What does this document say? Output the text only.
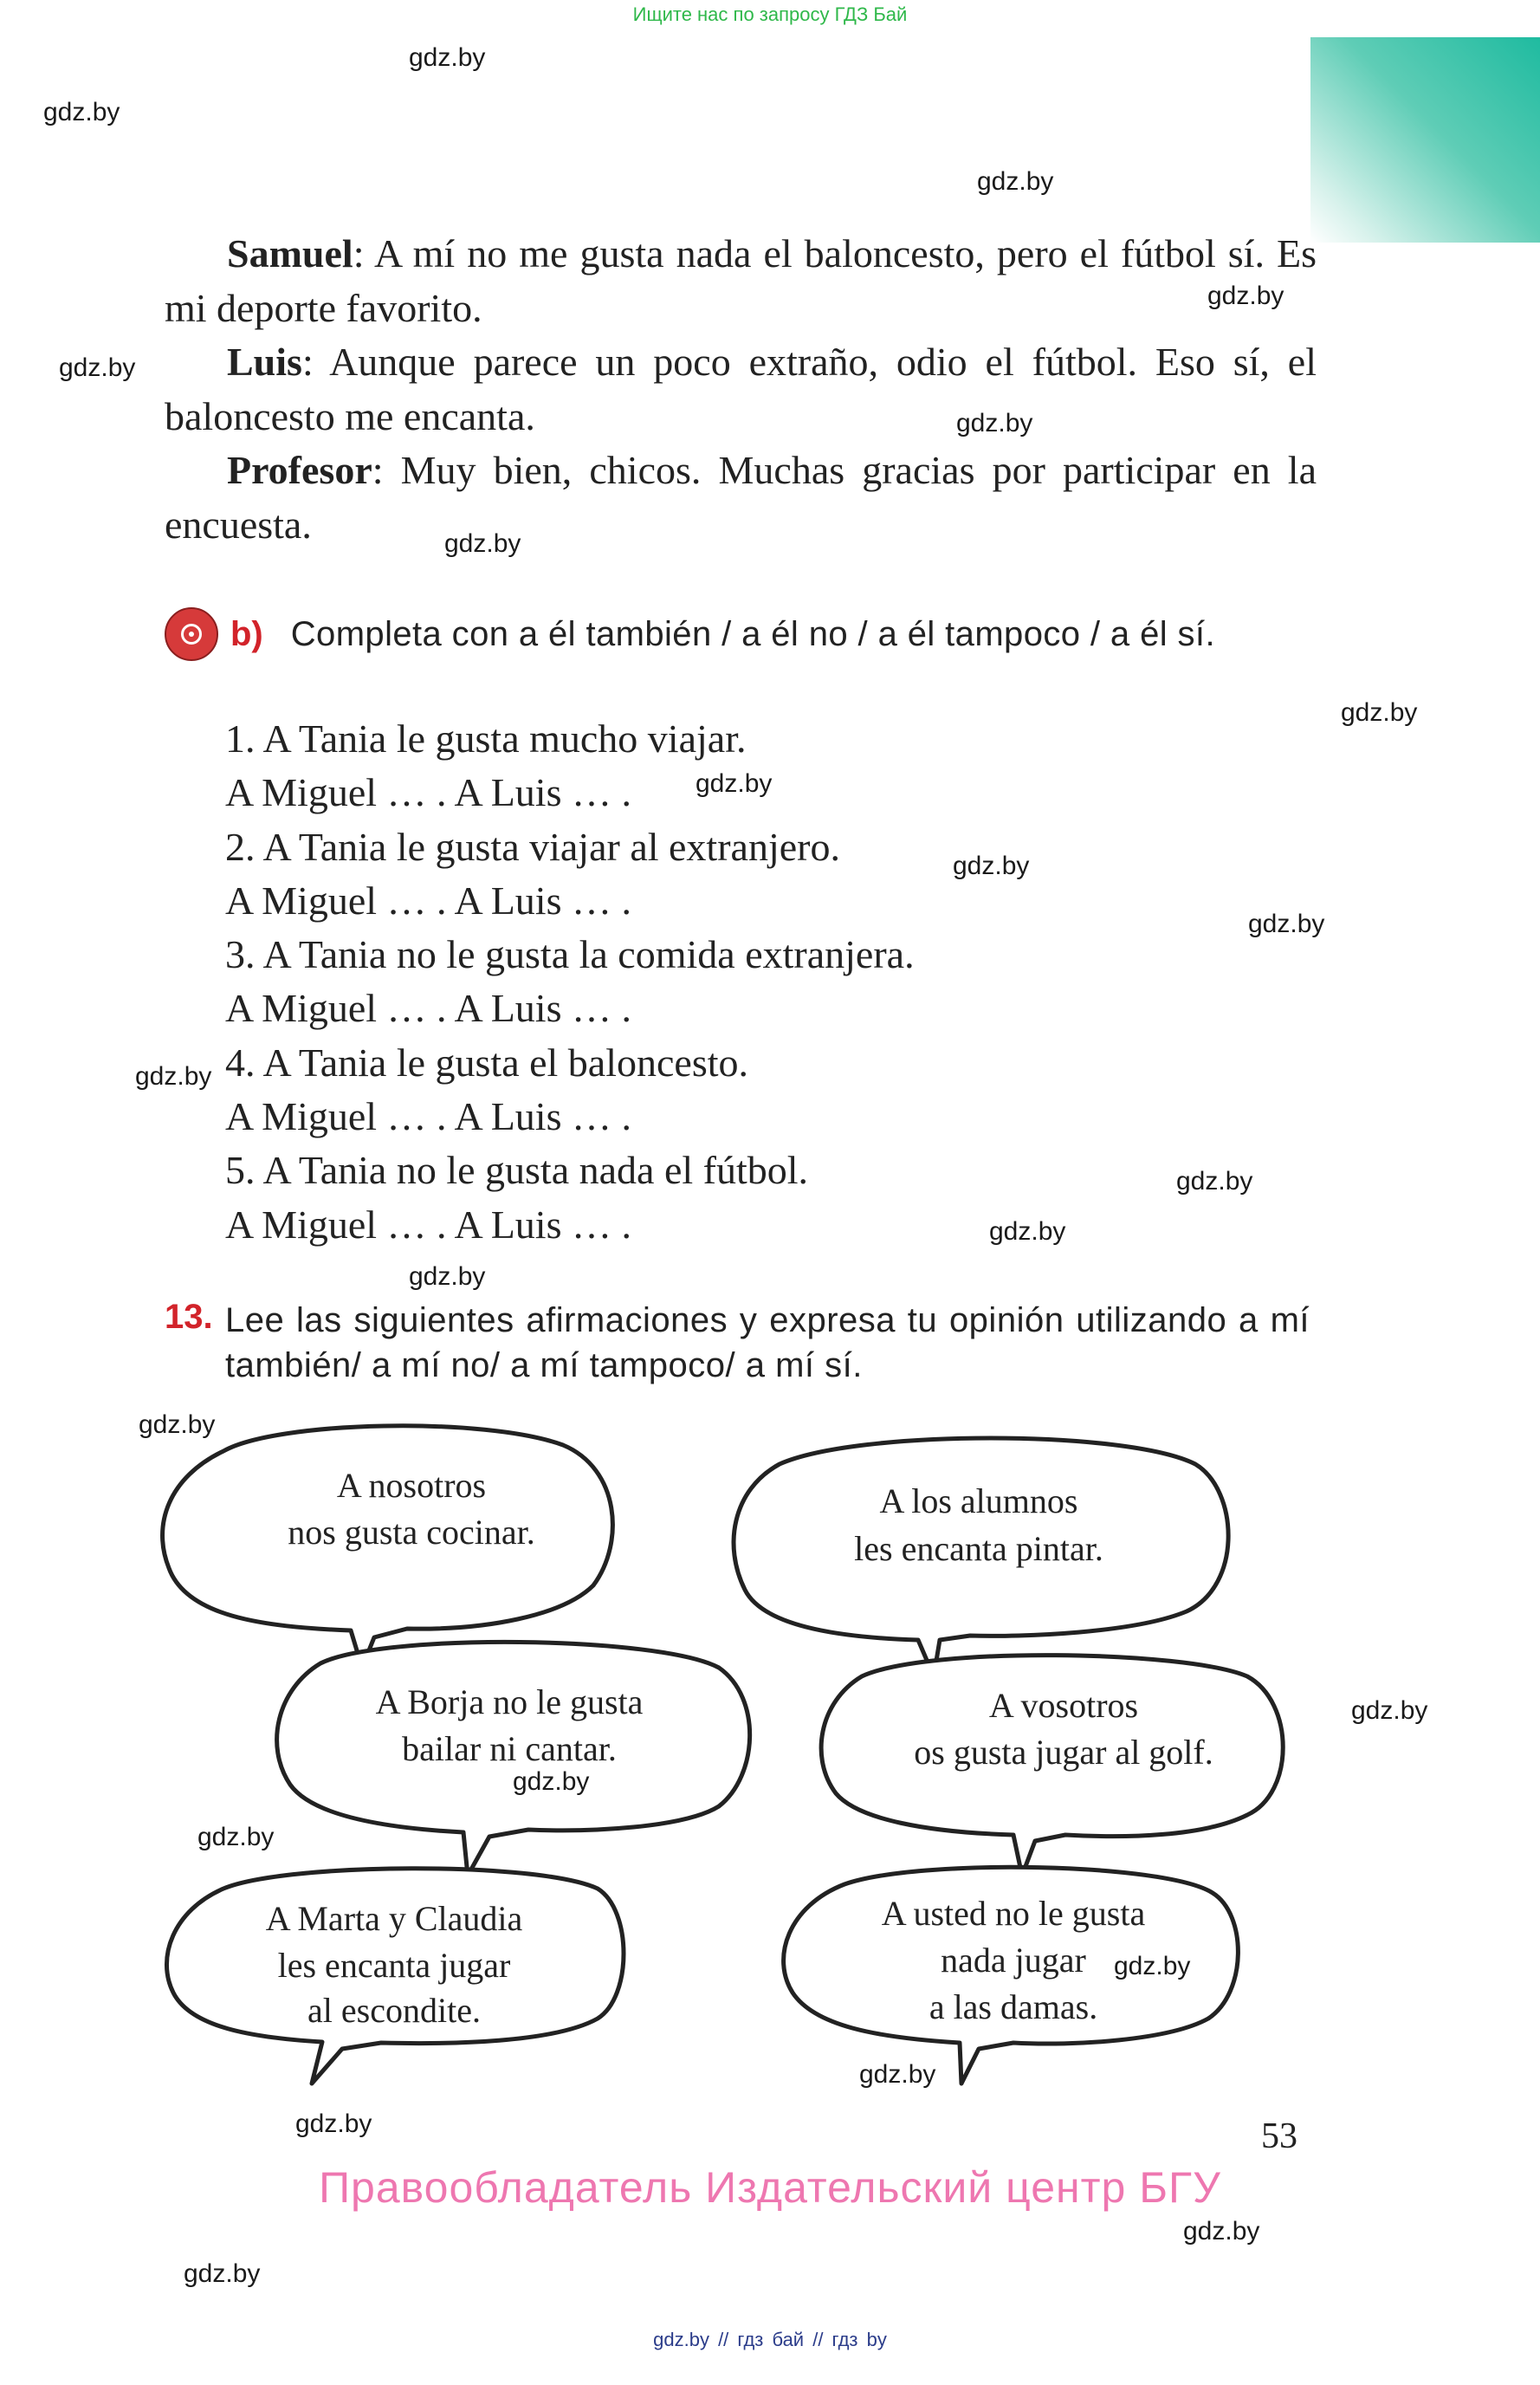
Ищите нас по запросу ГДЗ Бай

Samuel: A mí no me gusta nada el baloncesto, pero el fútbol sí. Es mi deporte favorito.

Luis: Aunque parece un poco extraño, odio el fútbol. Eso sí, el baloncesto me encanta.

Profesor: Muy bien, chicos. Muchas gracias por participar en la encuesta.

b) Completa con a él también / a él no / a él tampoco / a él sí.
1. A Tania le gusta mucho viajar.
A Miguel … . A Luis … .
2. A Tania le gusta viajar al extranjero.
A Miguel … . A Luis … .
3. A Tania no le gusta la comida extranjera.
A Miguel … . A Luis … .
4. A Tania le gusta el baloncesto.
A Miguel … . A Luis … .
5. A Tania no le gusta nada el fútbol.
A Miguel … . A Luis … .
13. Lee las siguientes afirmaciones y expresa tu opinión utilizando a mí también/ a mí no/ a mí tampoco/ a mí sí.
A nosotros
nos gusta cocinar.
A los alumnos
les encanta pintar.
A Borja no le gusta
bailar ni cantar.
A vosotros
os gusta jugar al golf.
A Marta y Claudia
les encanta jugar
al escondite.
A usted no le gusta
nada jugar
a las damas.
gdz.by
gdz.by
gdz.by
gdz.by
gdz.by
gdz.by
gdz.by
gdz.by
gdz.by
gdz.by
gdz.by
gdz.by
gdz.by
gdz.by
gdz.by
gdz.by
gdz.by
gdz.by
gdz.by
gdz.by
gdz.by
gdz.by
gdz.by
gdz.by
53
Правообладатель Издательский центр БГУ
gdz.by // гдз бай // гдз by
